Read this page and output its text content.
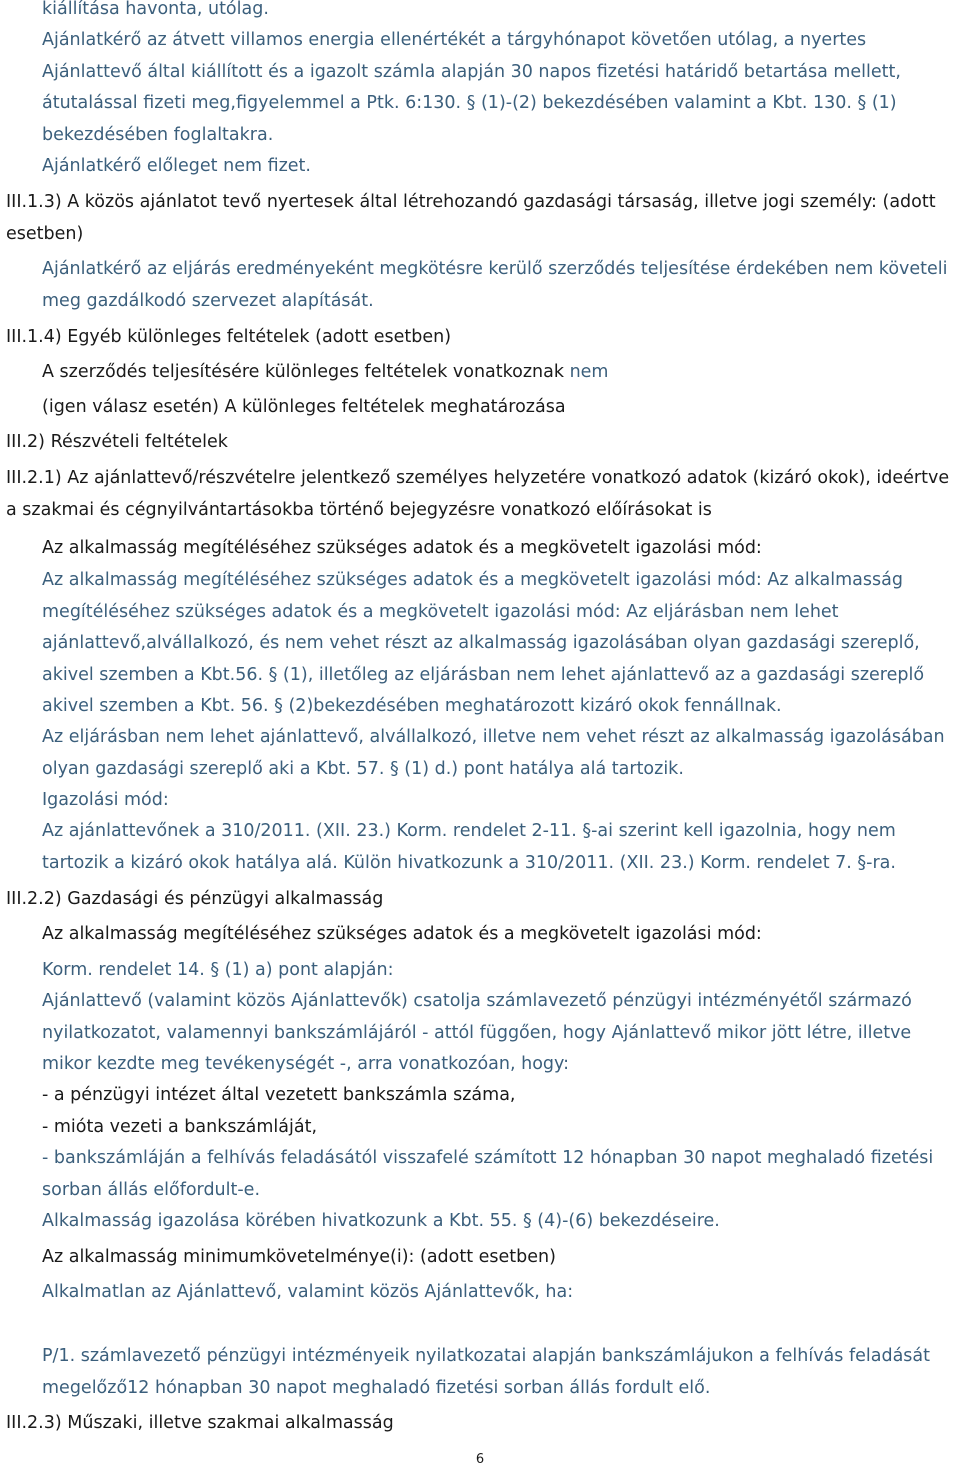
kiállítása havonta, utólag.
Ajánlatkérő az átvett villamos energia ellenértékét a tárgyhónapot követően utólag, a nyertes Ajánlattevő által kiállított és a igazolt számla alapján 30 napos fizetési határidő betartása mellett, átutalással fizeti meg,figyelemmel a Ptk. 6:130. § (1)-(2) bekezdésében valamint a Kbt. 130. § (1) bekezdésében foglaltakra.
Ajánlatkérő előleget nem fizet.
III.1.3) A közös ajánlatot tevő nyertesek által létrehozandó gazdasági társaság, illetve jogi személy: (adott esetben)
Ajánlatkérő az eljárás eredményeként megkötésre kerülő szerződés teljesítése érdekében nem követeli meg gazdálkodó szervezet alapítását.
III.1.4) Egyéb különleges feltételek (adott esetben)
A szerződés teljesítésére különleges feltételek vonatkoznak nem
(igen válasz esetén) A különleges feltételek meghatározása
III.2) Részvételi feltételek
III.2.1) Az ajánlattevő/részvételre jelentkező személyes helyzetére vonatkozó adatok (kizáró okok), ideértve a szakmai és cégnyilvántartásokba történő bejegyzésre vonatkozó előírásokat is
Az alkalmasság megítéléséhez szükséges adatok és a megkövetelt igazolási mód:
Az alkalmasság megítéléséhez szükséges adatok és a megkövetelt igazolási mód: Az alkalmasság megítéléséhez szükséges adatok és a megkövetelt igazolási mód: Az eljárásban nem lehet ajánlattevő,alvállalkozó, és nem vehet részt az alkalmasság igazolásában olyan gazdasági szereplő, akivel szemben a Kbt.56. § (1), illetőleg az eljárásban nem lehet ajánlattevő az a gazdasági szereplő akivel szemben a Kbt. 56. § (2)bekezdésében meghatározott kizáró okok fennállnak.
Az eljárásban nem lehet ajánlattevő, alvállalkozó, illetve nem vehet részt az alkalmasság igazolásában olyan gazdasági szereplő aki a Kbt. 57. § (1) d.) pont hatálya alá tartozik.
Igazolási mód:
Az ajánlattevőnek a 310/2011. (XII. 23.) Korm. rendelet 2-11. §-ai szerint kell igazolnia, hogy nem tartozik a kizáró okok hatálya alá. Külön hivatkozunk a 310/2011. (XII. 23.) Korm. rendelet 7. §-ra.
III.2.2) Gazdasági és pénzügyi alkalmasság
Az alkalmasság megítéléséhez szükséges adatok és a megkövetelt igazolási mód:
Korm. rendelet 14. § (1) a) pont alapján:
Ajánlattevő (valamint közös Ajánlattevők) csatolja számlavezető pénzügyi intézményétől származó nyilatkozatot, valamennyi bankszámlájáról - attól függően, hogy Ajánlattevő mikor jött létre, illetve mikor kezdte meg tevékenységét -, arra vonatkozóan, hogy:
- a pénzügyi intézet által vezetett bankszámla száma,
- mióta vezeti a bankszámláját,
- bankszámláján a felhívás feladásától visszafelé számított 12 hónapban 30 napot meghaladó fizetési sorban állás előfordult-e.
Alkalmasság igazolása körében hivatkozunk a Kbt. 55. § (4)-(6) bekezdéseire.
Az alkalmasság minimumkövetelménye(i): (adott esetben)
Alkalmatlan az Ajánlattevő, valamint közös Ajánlattevők, ha:
P/1. számlavezető pénzügyi intézményeik nyilatkozatai alapján bankszámlájukon a felhívás feladását megelőző12 hónapban 30 napot meghaladó fizetési sorban állás fordult elő.
III.2.3) Műszaki, illetve szakmai alkalmasság
6
